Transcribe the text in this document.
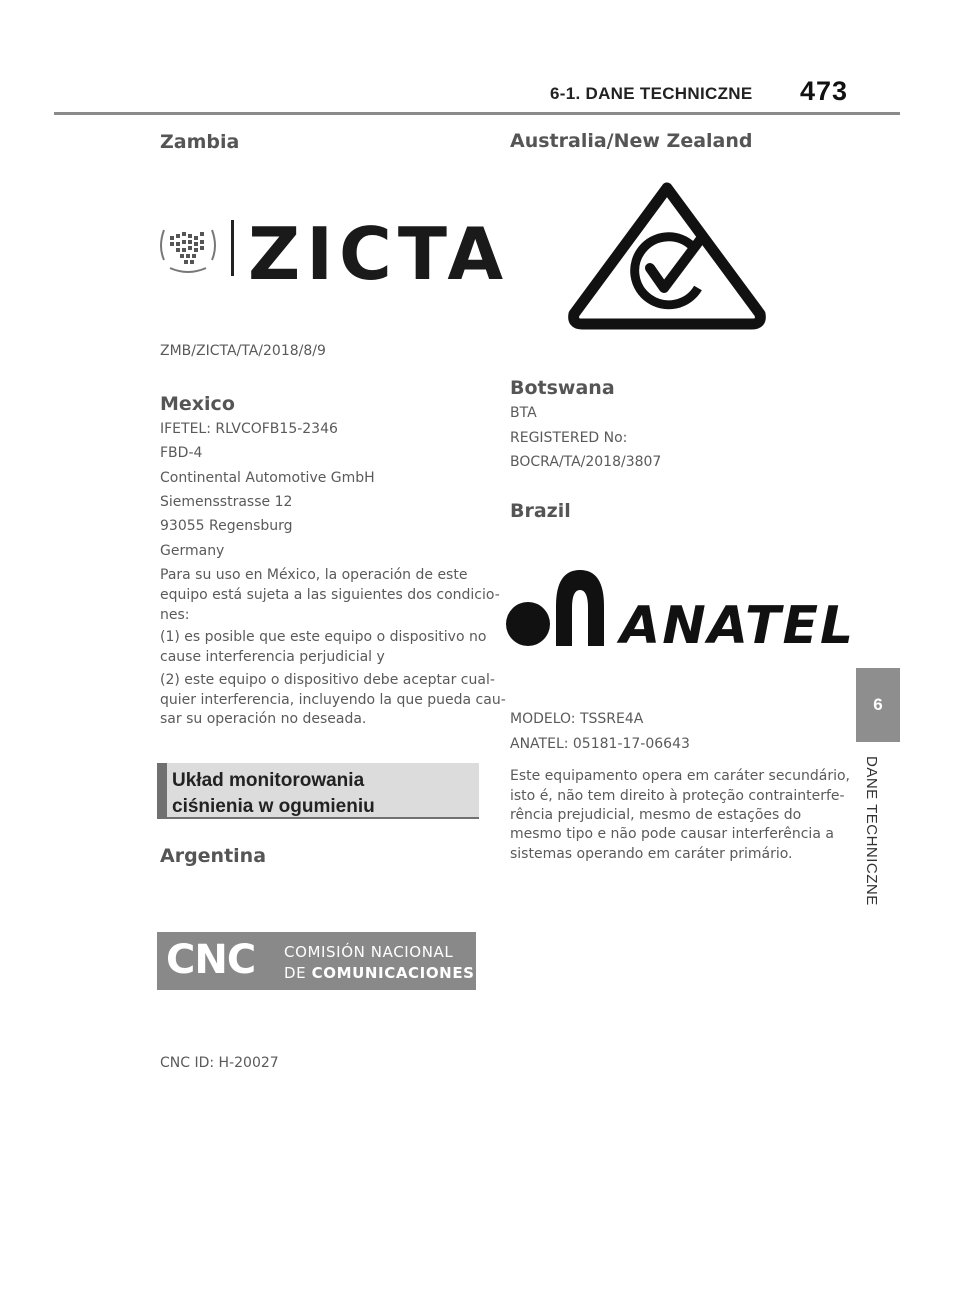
6-1. DANE TECHNICZNE 473
6
DANE TECHNICZNE
Zambia
ZICTA
ZMB/ZICTA/TA/2018/8/9
Mexico
IFETEL: RLVCOFB15-2346
FBD-4
Continental Automotive GmbH
Siemensstrasse 12
93055 Regensburg
Germany
Para su uso en México, la operación de este
equipo está sujeta a las siguientes dos condicio-
nes:
(1) es posible que este equipo o dispositivo no
cause interferencia perjudicial y
(2) este equipo o dispositivo debe aceptar cual-
quier interferencia, incluyendo la que pueda cau-
sar su operación no deseada.
Układ monitorowania
ciśnienia w ogumieniu
Argentina
CNC COMISIÓN NACIONAL
DE COMUNICACIONES
CNC ID: H-20027
Australia/New Zealand
Botswana
BTA
REGISTERED No:
BOCRA/TA/2018/3807
Brazil
ANATEL
MODELO: TSSRE4A
ANATEL: 05181-17-06643
Este equipamento opera em caráter secundário,
isto é, não tem direito à proteção contrainterfe-
rência prejudicial, mesmo de estações do
mesmo tipo e não pode causar interferência a
sistemas operando em caráter primário.
